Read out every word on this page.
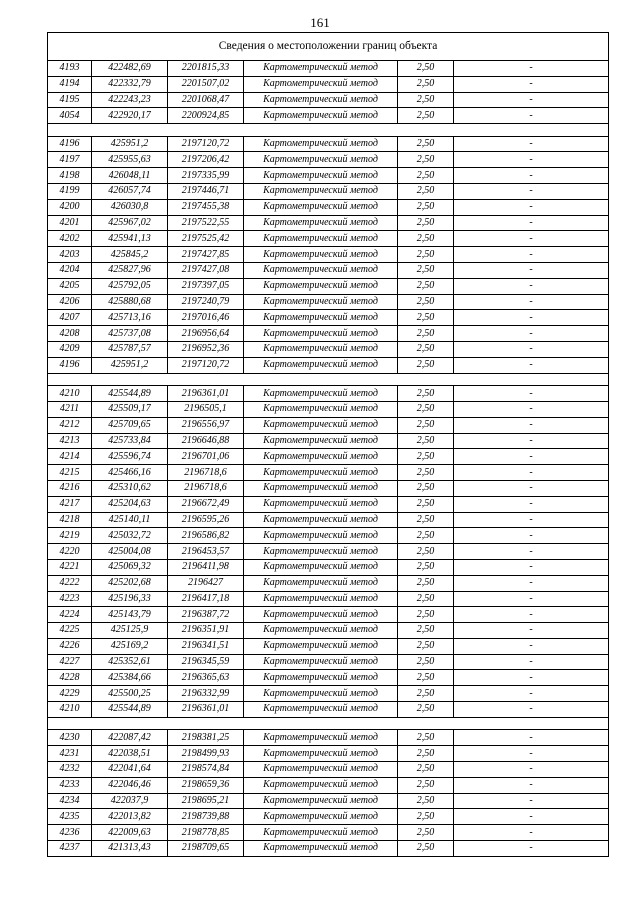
161
Сведения о местоположении границ объекта					
4193	422482,69	2201815,33	Картометрический метод	2,50	-
4194	422332,79	2201507,02	Картометрический метод	2,50	-
4195	422243,23	2201068,47	Картометрический метод	2,50	-
4054	422920,17	2200924,85	Картометрический метод	2,50	-

4196	425951,2	2197120,72	Картометрический метод	2,50	-
4197	425955,63	2197206,42	Картометрический метод	2,50	-
4198	426048,11	2197335,99	Картометрический метод	2,50	-
4199	426057,74	2197446,71	Картометрический метод	2,50	-
4200	426030,8	2197455,38	Картометрический метод	2,50	-
4201	425967,02	2197522,55	Картометрический метод	2,50	-
4202	425941,13	2197525,42	Картометрический метод	2,50	-
4203	425845,2	2197427,85	Картометрический метод	2,50	-
4204	425827,96	2197427,08	Картометрический метод	2,50	-
4205	425792,05	2197397,05	Картометрический метод	2,50	-
4206	425880,68	2197240,79	Картометрический метод	2,50	-
4207	425713,16	2197016,46	Картометрический метод	2,50	-
4208	425737,08	2196956,64	Картометрический метод	2,50	-
4209	425787,57	2196952,36	Картометрический метод	2,50	-
4196	425951,2	2197120,72	Картометрический метод	2,50	-

4210	425544,89	2196361,01	Картометрический метод	2,50	-
4211	425509,17	2196505,1	Картометрический метод	2,50	-
4212	425709,65	2196556,97	Картометрический метод	2,50	-
4213	425733,84	2196646,88	Картометрический метод	2,50	-
4214	425596,74	2196701,06	Картометрический метод	2,50	-
4215	425466,16	2196718,6	Картометрический метод	2,50	-
4216	425310,62	2196718,6	Картометрический метод	2,50	-
4217	425204,63	2196672,49	Картометрический метод	2,50	-
4218	425140,11	2196595,26	Картометрический метод	2,50	-
4219	425032,72	2196586,82	Картометрический метод	2,50	-
4220	425004,08	2196453,57	Картометрический метод	2,50	-
4221	425069,32	2196411,98	Картометрический метод	2,50	-
4222	425202,68	2196427	Картометрический метод	2,50	-
4223	425196,33	2196417,18	Картометрический метод	2,50	-
4224	425143,79	2196387,72	Картометрический метод	2,50	-
4225	425125,9	2196351,91	Картометрический метод	2,50	-
4226	425169,2	2196341,51	Картометрический метод	2,50	-
4227	425352,61	2196345,59	Картометрический метод	2,50	-
4228	425384,66	2196365,63	Картометрический метод	2,50	-
4229	425500,25	2196332,99	Картометрический метод	2,50	-
4210	425544,89	2196361,01	Картометрический метод	2,50	-

4230	422087,42	2198381,25	Картометрический метод	2,50	-
4231	422038,51	2198499,93	Картометрический метод	2,50	-
4232	422041,64	2198574,84	Картометрический метод	2,50	-
4233	422046,46	2198659,36	Картометрический метод	2,50	-
4234	422037,9	2198695,21	Картометрический метод	2,50	-
4235	422013,82	2198739,88	Картометрический метод	2,50	-
4236	422009,63	2198778,85	Картометрический метод	2,50	-
4237	421313,43	2198709,65	Картометрический метод	2,50	-
